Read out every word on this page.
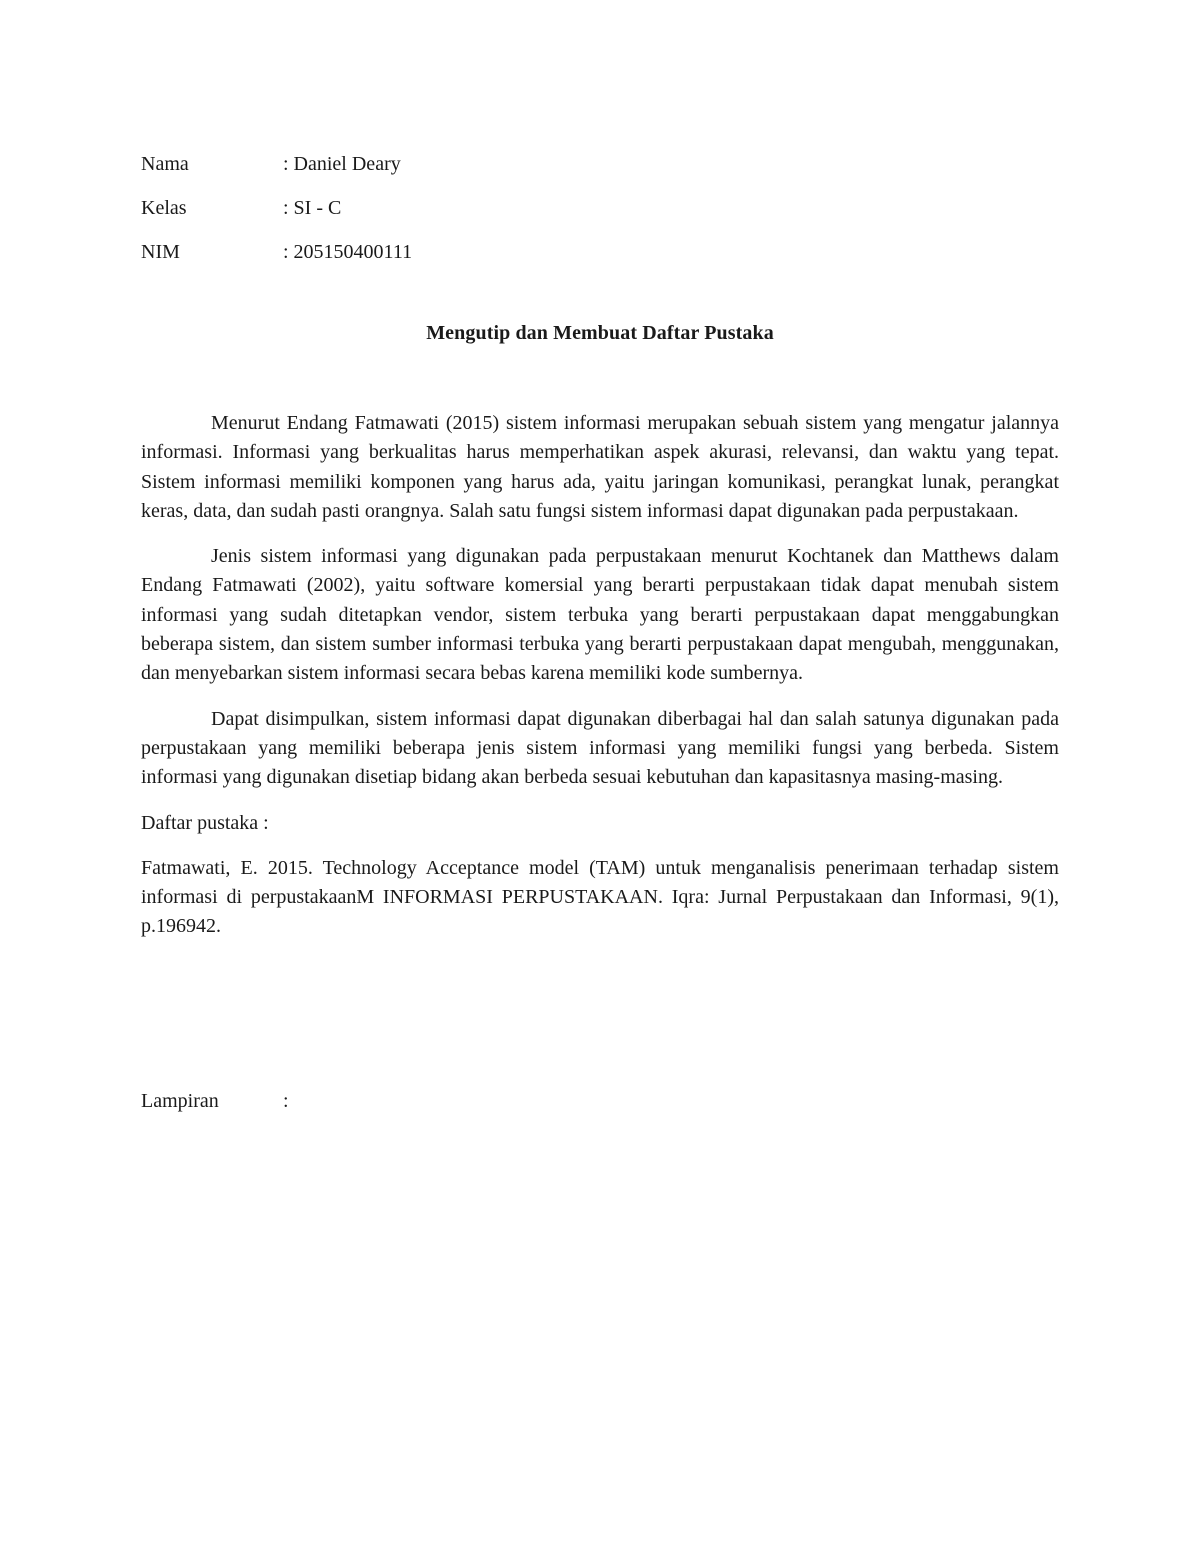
Nama	: Daniel Deary
Kelas	: SI - C
NIM	: 205150400111
Mengutip dan Membuat Daftar Pustaka

Menurut Endang Fatmawati (2015) sistem informasi merupakan sebuah sistem yang mengatur jalannya informasi. Informasi yang berkualitas harus memperhatikan aspek akurasi, relevansi, dan waktu yang tepat. Sistem informasi memiliki komponen yang harus ada, yaitu jaringan komunikasi, perangkat lunak, perangkat keras, data, dan sudah pasti orangnya. Salah satu fungsi sistem informasi dapat digunakan pada perpustakaan.

Jenis sistem informasi yang digunakan pada perpustakaan menurut Kochtanek dan Matthews dalam Endang Fatmawati (2002), yaitu software komersial yang berarti perpustakaan tidak dapat menubah sistem informasi yang sudah ditetapkan vendor, sistem terbuka yang berarti perpustakaan dapat menggabungkan beberapa sistem, dan sistem sumber informasi terbuka yang berarti perpustakaan dapat mengubah, menggunakan, dan menyebarkan sistem informasi secara bebas karena memiliki kode sumbernya.

Dapat disimpulkan, sistem informasi dapat digunakan diberbagai hal dan salah satunya digunakan pada perpustakaan yang memiliki beberapa jenis sistem informasi yang memiliki fungsi yang berbeda. Sistem informasi yang digunakan disetiap bidang akan berbeda sesuai kebutuhan dan kapasitasnya masing-masing.

Daftar pustaka :

Fatmawati, E. 2015. Technology Acceptance model (TAM) untuk menganalisis penerimaan terhadap sistem informasi di perpustakaanM INFORMASI PERPUSTAKAAN. Iqra: Jurnal Perpustakaan dan Informasi, 9(1), p.196942.

Lampiran	:
